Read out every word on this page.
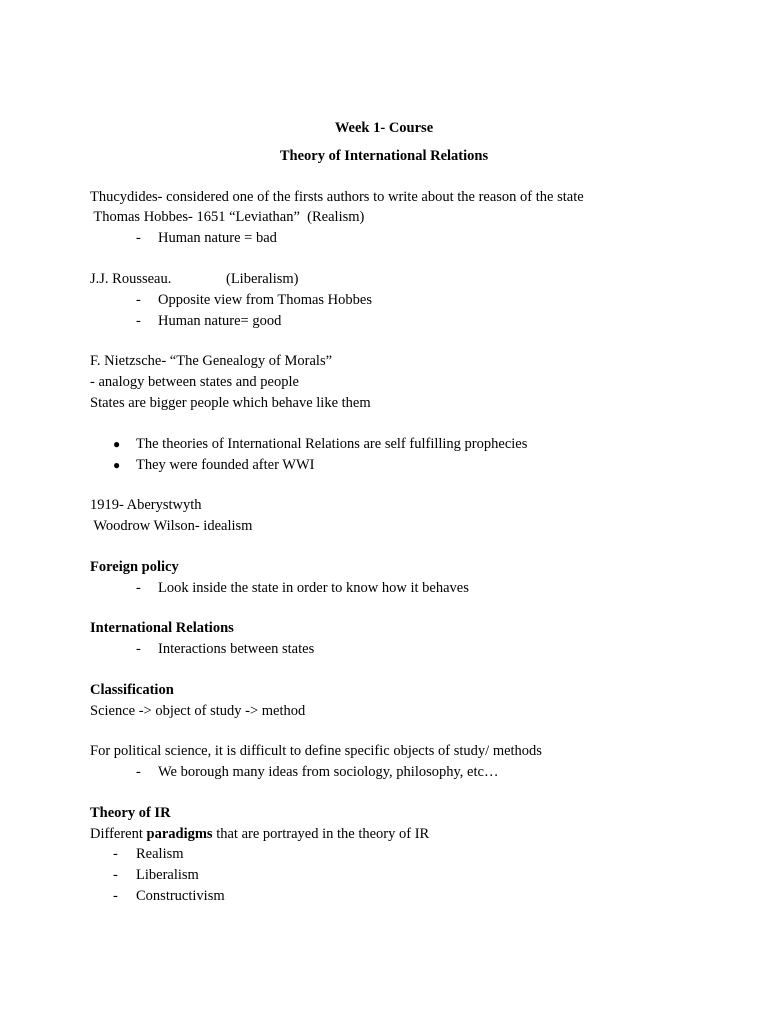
Week 1- Course
Theory of International Relations
Thucydides- considered one of the firsts authors to write about the reason of the state
Thomas Hobbes- 1651 “Leviathan”  (Realism)
- Human nature = bad
J.J. Rousseau.	(Liberalism)
- Opposite view from Thomas Hobbes
- Human nature= good
F. Nietzsche- “The Genealogy of Morals”
- analogy between states and people
States are bigger people which behave like them
● The theories of International Relations are self fulfilling prophecies
● They were founded after WWI
1919- Aberystwyth
Woodrow Wilson- idealism
Foreign policy
- Look inside the state in order to know how it behaves
International Relations
- Interactions between states
Classification
Science -> object of study -> method
For political science, it is difficult to define specific objects of study/ methods
- We borough many ideas from sociology, philosophy, etc…
Theory of IR
Different paradigms that are portrayed in the theory of IR
- Realism
- Liberalism
- Constructivism
